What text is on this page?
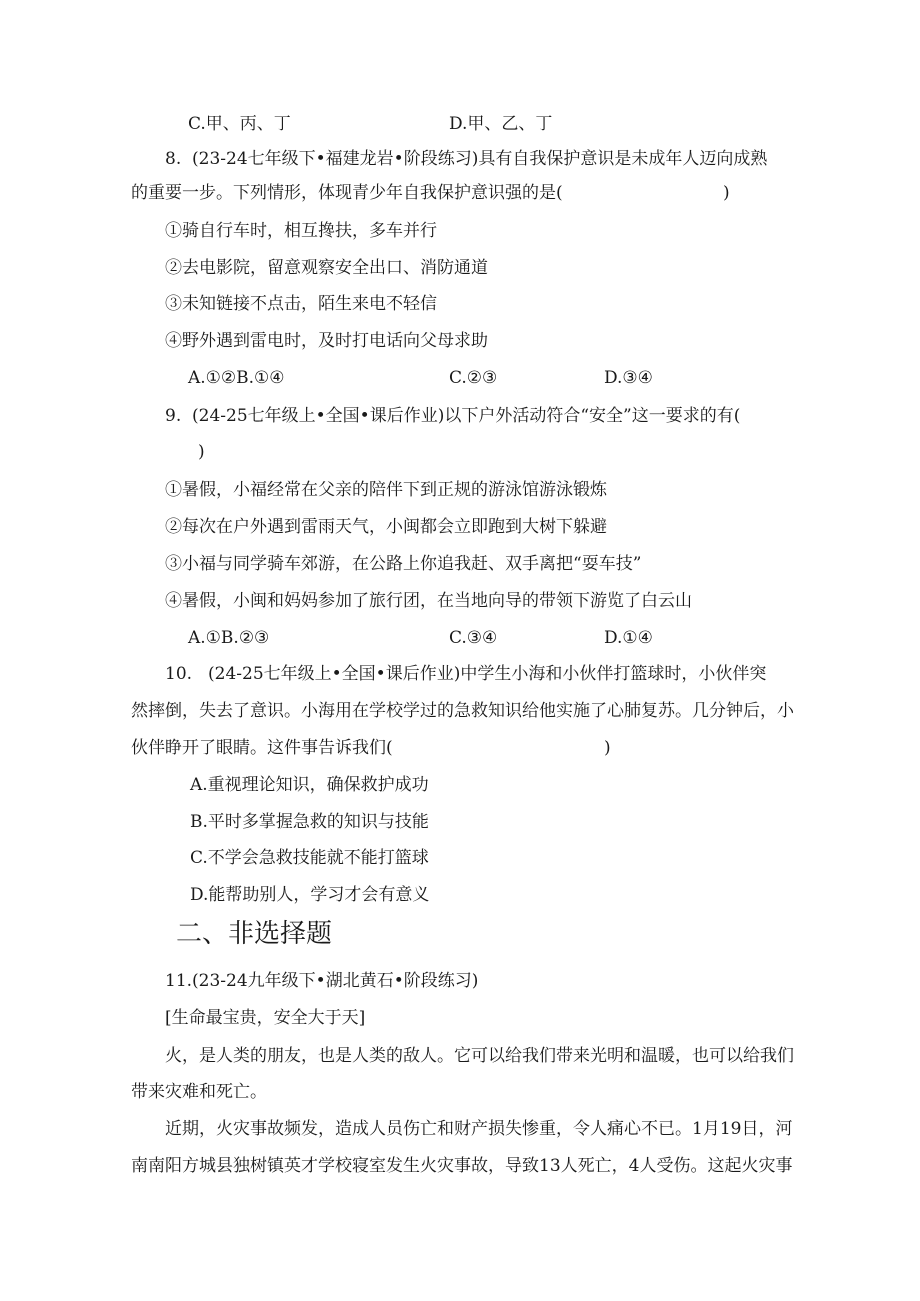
C.甲、丙、丁	D.甲、乙、丁
8. (23-24七年级下•福建龙岩•阶段练习)具有自我保护意识是未成年人迈向成熟
的重要一步。下列情形，体现青少年自我保护意识强的是(	)
①骑自行车时，相互搀扶，多车并行
②去电影院，留意观察安全出口、消防通道
③未知链接不点击，陌生来电不轻信
④野外遇到雷电时，及时打电话向父母求助
A.①②B.①④	C.②③	D.③④
9. (24-25七年级上•全国•课后作业)以下户外活动符合“安全”这一要求的有(
)
①暑假，小福经常在父亲的陪伴下到正规的游泳馆游泳锻炼
②每次在户外遇到雷雨天气，小闽都会立即跑到大树下躲避
③小福与同学骑车郊游，在公路上你追我赶、双手离把“耍车技”
④暑假，小闽和妈妈参加了旅行团，在当地向导的带领下游览了白云山
A.①B.②③	C.③④	D.①④
10. (24-25七年级上•全国•课后作业)中学生小海和小伙伴打篮球时，小伙伴突
然摔倒，失去了意识。小海用在学校学过的急救知识给他实施了心肺复苏。几分钟后，小
伙伴睁开了眼睛。这件事告诉我们(	)
A.重视理论知识，确保救护成功
B.平时多掌握急救的知识与技能
C.不学会急救技能就不能打篮球
D.能帮助别人，学习才会有意义
二、非选择题
11.(23-24九年级下•湖北黄石•阶段练习)
[生命最宝贵，安全大于天]
火，是人类的朋友，也是人类的敌人。它可以给我们带来光明和温暖，也可以给我们
带来灾难和死亡。
近期，火灾事故频发，造成人员伤亡和财产损失惨重，令人痛心不已。1月19日，河
南南阳方城县独树镇英才学校寝室发生火灾事故，导致13人死亡，4人受伤。这起火灾事
